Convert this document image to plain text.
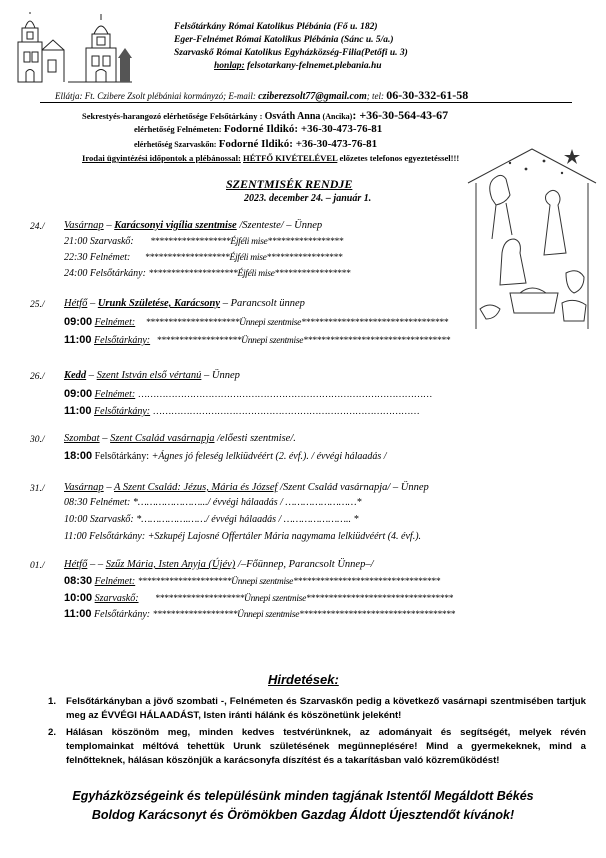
Felsőtárkány Római Katolikus Plébánia (Fő u. 182)
Eger-Felnémet Római Katolikus Plébánia (Sánc u. 5/a.)
Szarvaskő Római Katolikus Egyházközség-Filia(Petőfi u. 3)
honlap: felsotarkany-felnemet.plebania.hu
Ellátja: Ft. Czibere Zsolt plébániai kormányzó; E-mail: cziberezsolt77@gmail.com; tel: 06-30-332-61-58
Sekrestyés-harangozó elérhetősége Felsőtárkány : Osváth Anna (Ancika): +36-30-564-43-67
elérhetőség Felnémeten: Fodorné Ildikó: +36-30-473-76-81
elérhetőség Szarvaskőn: Fodorné Ildikó: +36-30-473-76-81
Irodai ügyintézési időpontok a plébánossal: HÉTFŐ KIVÉTELÉVEL előzetes telefonos egyeztetéssel!!!
SZENTMISÉK RENDJE
2023. december 24. – január 1.
24./ Vasárnap – Karácsonyi vigília szentmise /Szenteste/ – Ünnep
21:00 Szarvaskő: ******************Éjféli mise*****************
22:30 Felnémet: *******************Éjféli mise*****************
24:00 Felsőtárkány: ********************Éjféli mise*****************
25./ Hétfő – Urunk Születése, Karácsony – Parancsolt ünnep
09:00 Felnémet: *********************Ünnepi szentmise*********************************
11:00 Felsőtárkány: *******************Ünnepi szentmise*********************************
26./ Kedd – Szent István első vértanú – Ünnep
09:00 Felnémet: ……………………………………………………………………………………
11:00 Felsőtárkány: ……………………………………………………………………………
30./ Szombat – Szent Család vasárnapja /előesti szentmise/.
18:00 Felsőtárkány: +Ágnes jó feleség lelkiüdvéért (2. évf.). / évvégi hálaadás /
31./ Vasárnap – A Szent Család: Jézus, Mária és József /Szent Család vasárnapja/ – Ünnep
08:30 Felnémet: *………………….../ évvégi hálaadás / ……………………*
10:00 Szarvaskő: *…………….……/ évvégi hálaadás / ………………….. *
11:00 Felsőtárkány: +Szkupéj Lajosné Offertáler Mária nagymama lelkiüdvéért (4. évf.).
01./ Hétfő – – Szűz Mária, Isten Anyja (Újév) /–Főünnep, Parancsolt Ünnep–/
08:30 Felnémet: *********************Ünnepi szentmise*********************************
10:00 Szarvaskő: ********************Ünnepi szentmise*********************************
11:00 Felsőtárkány: *******************Ünnepi szentmise***********************************
Hirdetések:
1. Felsőtárkányban a jövő szombati -, Felnémeten és Szarvaskőn pedig a következő vasárnapi szentmisében tartjuk meg az ÉVVÉGI HÁLAADÁST, Isten iránti hálánk és köszönetünk jeleként!
2. Hálásan köszönöm meg, minden kedves testvérünknek, az adományait és segítségét, melyek révén templomainkat méltóvá tehettük Urunk születésének megünneplésére! Mind a gyermekeknek, mind a felnőtteknek, hálásan köszönjük a karácsonyfa díszítést és a takarításban való közreműködést!
Egyházközségeink és településünk minden tagjának Istentől Megáldott Békés
Boldog Karácsonyt és Örömökben Gazdag Áldott Újesztendőt kívánok!
